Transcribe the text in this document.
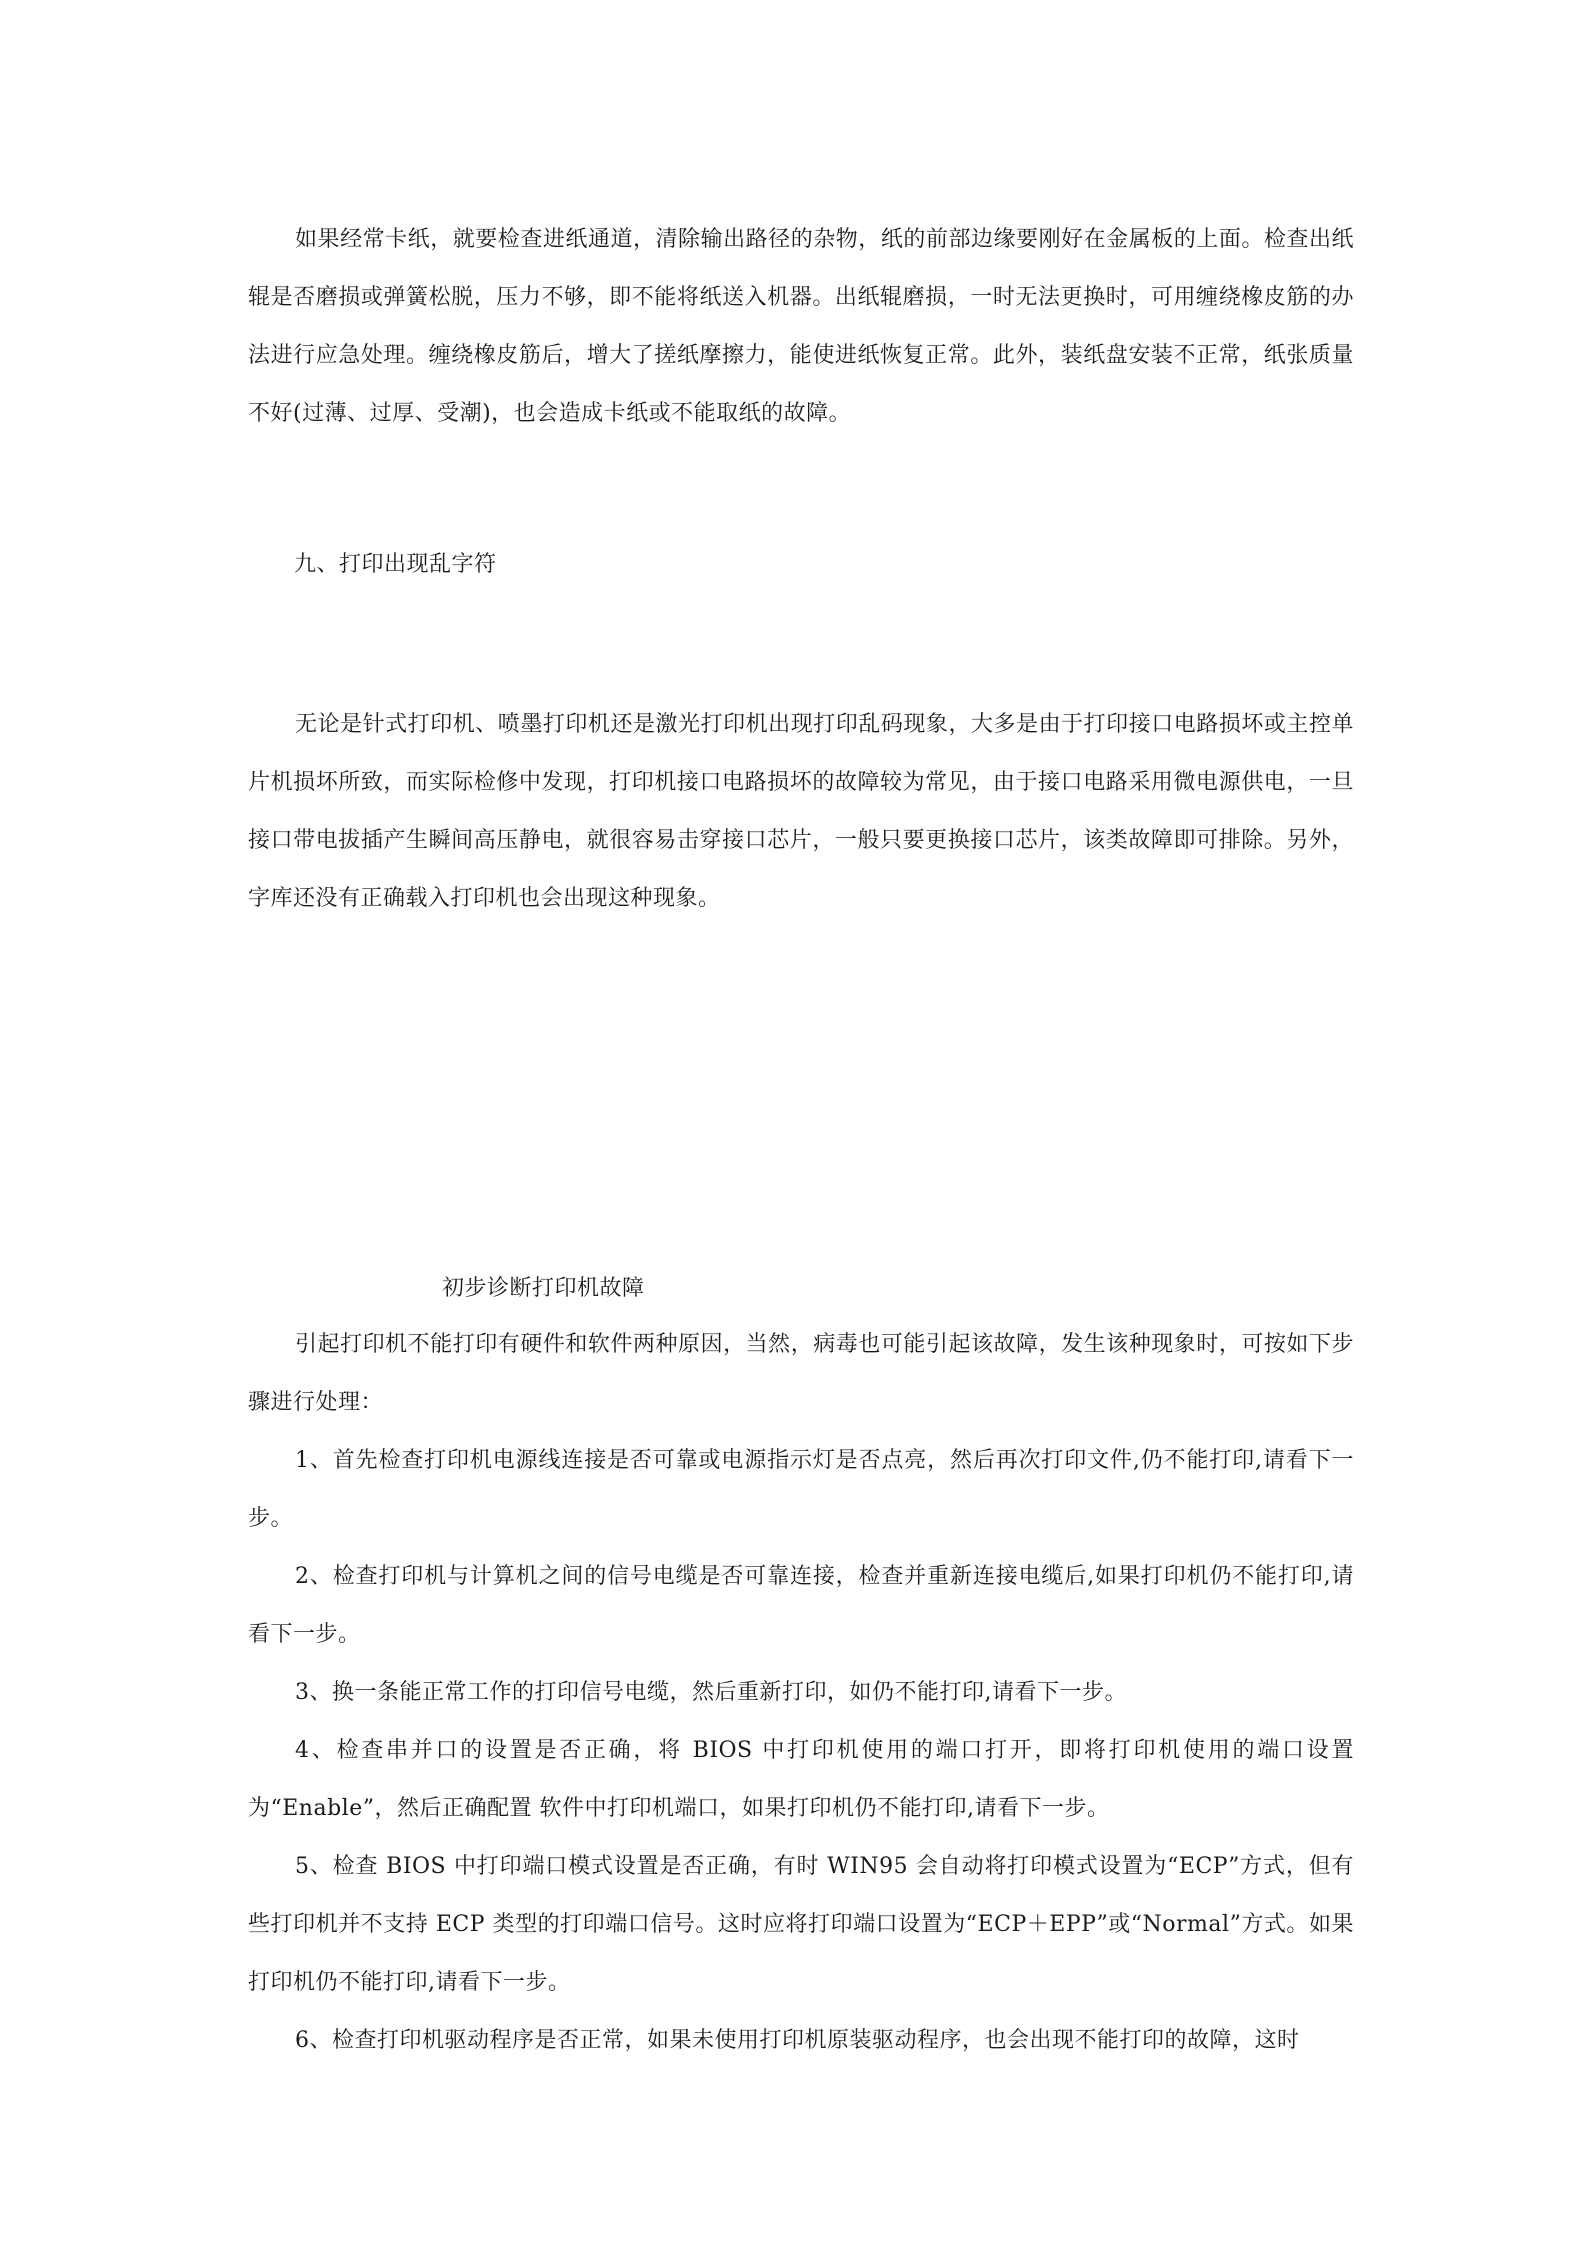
如果经常卡纸，就要检查进纸通道，清除输出路径的杂物，纸的前部边缘要刚好在金属板的上面。检查出纸辊是否磨损或弹簧松脱，压力不够，即不能将纸送入机器。出纸辊磨损，一时无法更换时，可用缠绕橡皮筋的办法进行应急处理。缠绕橡皮筋后，增大了搓纸摩擦力，能使进纸恢复正常。此外，装纸盘安装不正常，纸张质量不好(过薄、过厚、受潮)，也会造成卡纸或不能取纸的故障。

九、打印出现乱字符

无论是针式打印机、喷墨打印机还是激光打印机出现打印乱码现象，大多是由于打印接口电路损坏或主控单片机损坏所致，而实际检修中发现，打印机接口电路损坏的故障较为常见，由于接口电路采用微电源供电，一旦接口带电拔插产生瞬间高压静电，就很容易击穿接口芯片，一般只要更换接口芯片，该类故障即可排除。另外，字库还没有正确载入打印机也会出现这种现象。

初步诊断打印机故障

引起打印机不能打印有硬件和软件两种原因，当然，病毒也可能引起该故障，发生该种现象时，可按如下步骤进行处理：

1、首先检查打印机电源线连接是否可靠或电源指示灯是否点亮，然后再次打印文件,仍不能打印,请看下一步。

2、检查打印机与计算机之间的信号电缆是否可靠连接，检查并重新连接电缆后,如果打印机仍不能打印,请看下一步。

3、换一条能正常工作的打印信号电缆，然后重新打印，如仍不能打印,请看下一步。

4、检查串并口的设置是否正确，将 BIOS 中打印机使用的端口打开，即将打印机使用的端口设置为“Enable”，然后正确配置 软件中打印机端口，如果打印机仍不能打印,请看下一步。

5、检查 BIOS 中打印端口模式设置是否正确，有时 WIN95 会自动将打印模式设置为“ECP”方式，但有些打印机并不支持 ECP 类型的打印端口信号。这时应将打印端口设置为“ECP＋EPP”或“Normal”方式。如果打印机仍不能打印,请看下一步。

6、检查打印机驱动程序是否正常，如果未使用打印机原装驱动程序，也会出现不能打印的故障，这时
